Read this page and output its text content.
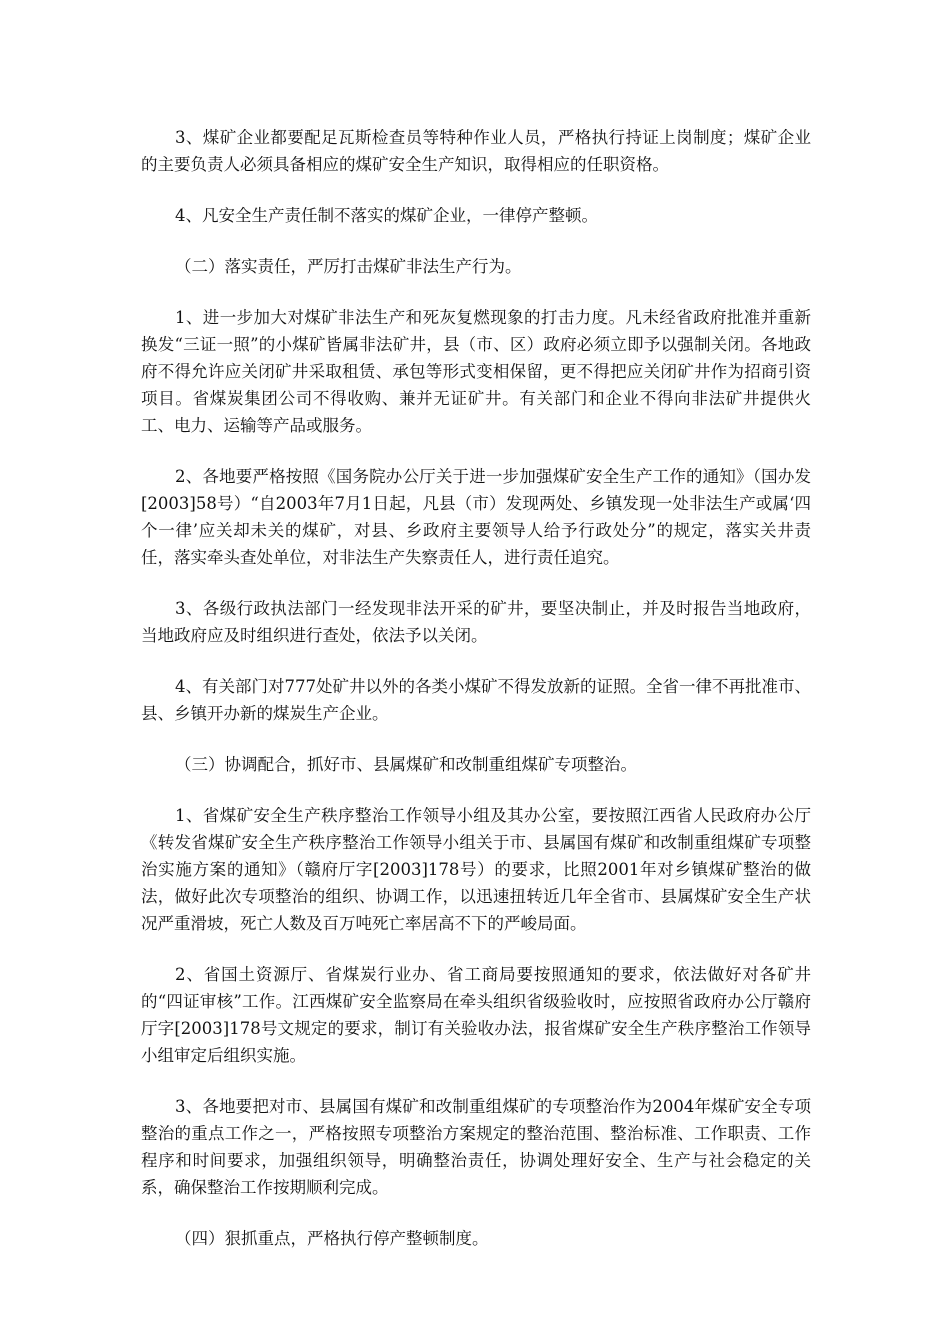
3、煤矿企业都要配足瓦斯检查员等特种作业人员，严格执行持证上岗制度；煤矿企业的主要负责人必须具备相应的煤矿安全生产知识，取得相应的任职资格。

4、凡安全生产责任制不落实的煤矿企业，一律停产整顿。

（二）落实责任，严厉打击煤矿非法生产行为。

1、进一步加大对煤矿非法生产和死灰复燃现象的打击力度。凡未经省政府批准并重新换发“三证一照”的小煤矿皆属非法矿井，县（市、区）政府必须立即予以强制关闭。各地政府不得允许应关闭矿井采取租赁、承包等形式变相保留，更不得把应关闭矿井作为招商引资项目。省煤炭集团公司不得收购、兼并无证矿井。有关部门和企业不得向非法矿井提供火工、电力、运输等产品或服务。

2、各地要严格按照《国务院办公厅关于进一步加强煤矿安全生产工作的通知》（国办发[2003]58号）“自2003年7月1日起，凡县（市）发现两处、乡镇发现一处非法生产或属‘四个一律’应关却未关的煤矿，对县、乡政府主要领导人给予行政处分”的规定，落实关井责任，落实牵头查处单位，对非法生产失察责任人，进行责任追究。

3、各级行政执法部门一经发现非法开采的矿井，要坚决制止，并及时报告当地政府，当地政府应及时组织进行查处，依法予以关闭。

4、有关部门对777处矿井以外的各类小煤矿不得发放新的证照。全省一律不再批准市、县、乡镇开办新的煤炭生产企业。

（三）协调配合，抓好市、县属煤矿和改制重组煤矿专项整治。

1、省煤矿安全生产秩序整治工作领导小组及其办公室，要按照江西省人民政府办公厅《转发省煤矿安全生产秩序整治工作领导小组关于市、县属国有煤矿和改制重组煤矿专项整治实施方案的通知》（赣府厅字[2003]178号）的要求，比照2001年对乡镇煤矿整治的做法，做好此次专项整治的组织、协调工作，以迅速扭转近几年全省市、县属煤矿安全生产状况严重滑坡，死亡人数及百万吨死亡率居高不下的严峻局面。

2、省国土资源厅、省煤炭行业办、省工商局要按照通知的要求，依法做好对各矿井的“四证审核”工作。江西煤矿安全监察局在牵头组织省级验收时，应按照省政府办公厅赣府厅字[2003]178号文规定的要求，制订有关验收办法，报省煤矿安全生产秩序整治工作领导小组审定后组织实施。

3、各地要把对市、县属国有煤矿和改制重组煤矿的专项整治作为2004年煤矿安全专项整治的重点工作之一，严格按照专项整治方案规定的整治范围、整治标准、工作职责、工作程序和时间要求，加强组织领导，明确整治责任，协调处理好安全、生产与社会稳定的关系，确保整治工作按期顺利完成。

（四）狠抓重点，严格执行停产整顿制度。
